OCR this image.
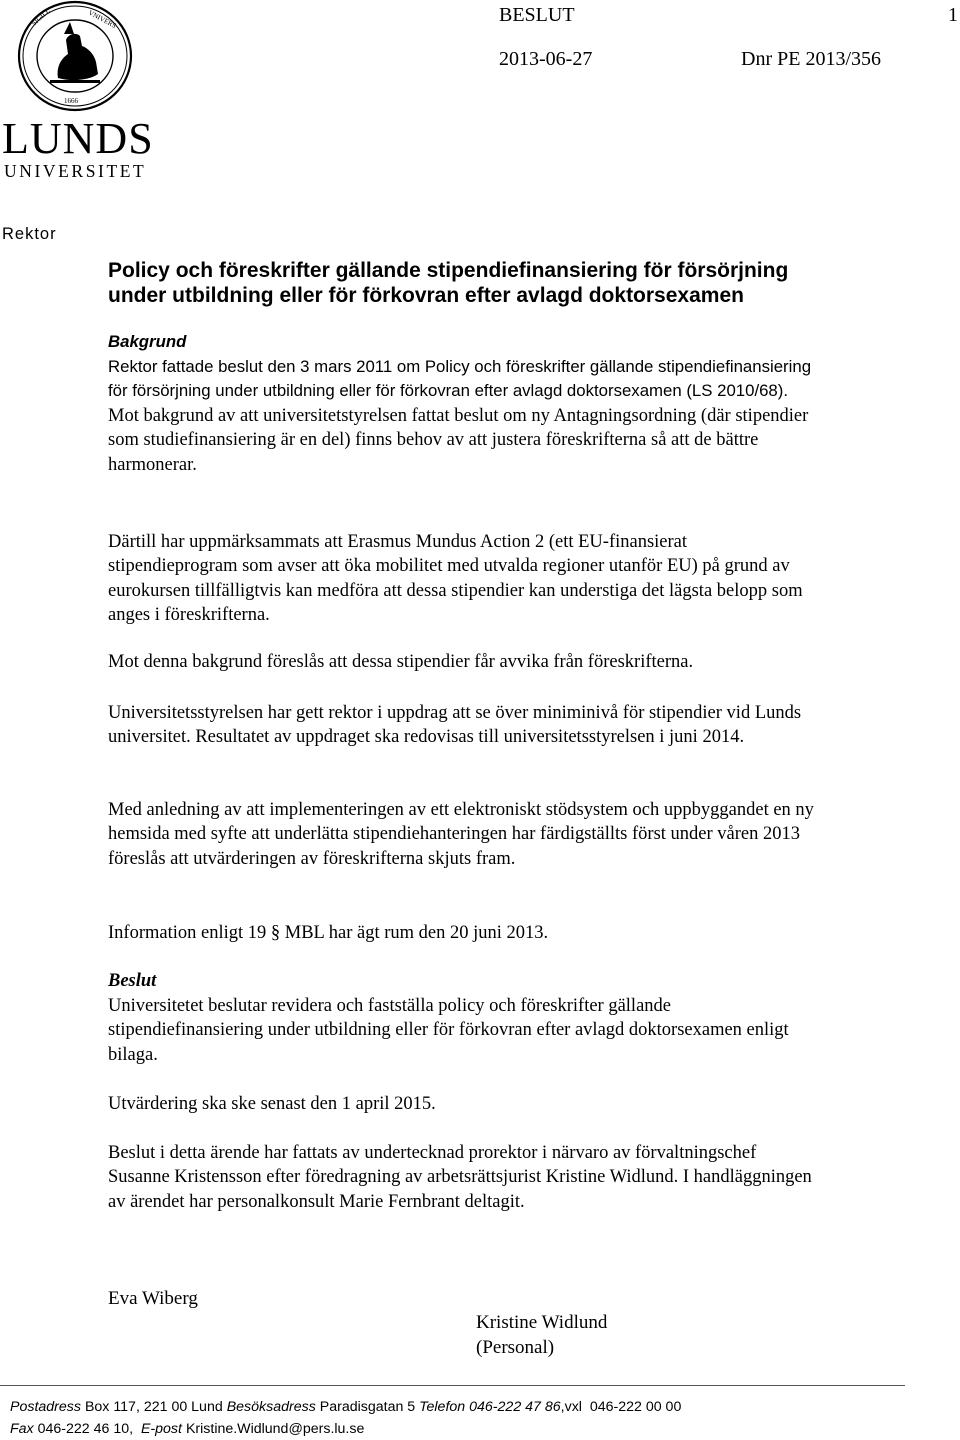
SIGILL	VNIVERS
1666
LUNDS
UNIVERSITET
BESLUT	1
2013-06-27	Dnr PE 2013/356
Rektor
Policy och föreskrifter gällande stipendiefinansiering för försörjning under utbildning eller för förkovran efter avlagd doktorsexamen
Bakgrund

Rektor fattade beslut den 3 mars 2011 om Policy och föreskrifter gällande stipendiefinansiering för försörjning under utbildning eller för förkovran efter avlagd doktorsexamen (LS 2010/68). Mot bakgrund av att universitetstyrelsen fattat beslut om ny Antagningsordning (där stipendier som studiefinansiering är en del) finns behov av att justera föreskrifterna så att de bättre harmonerar.

Därtill har uppmärksammats att Erasmus Mundus Action 2 (ett EU-finansierat stipendieprogram som avser att öka mobilitet med utvalda regioner utanför EU) på grund av eurokursen tillfälligtvis kan medföra att dessa stipendier kan understiga det lägsta belopp som anges i föreskrifterna.

Mot denna bakgrund föreslås att dessa stipendier får avvika från föreskrifterna.

Universitetsstyrelsen har gett rektor i uppdrag att se över miniminivå för stipendier vid Lunds universitet. Resultatet av uppdraget ska redovisas till universitetsstyrelsen i juni 2014.

Med anledning av att implementeringen av ett elektroniskt stödsystem och uppbyggandet en ny hemsida med syfte att underlätta stipendiehanteringen har färdigställts först under våren 2013 föreslås att utvärderingen av föreskrifterna skjuts fram.

Information enligt 19 § MBL har ägt rum den 20 juni 2013.

Beslut

Universitetet beslutar revidera och fastställa policy och föreskrifter gällande stipendiefinansiering under utbildning eller för förkovran efter avlagd doktorsexamen enligt bilaga.

Utvärdering ska ske senast den 1 april 2015.

Beslut i detta ärende har fattats av undertecknad prorektor i närvaro av förvaltningschef Susanne Kristensson efter föredragning av arbetsrättsjurist Kristine Widlund. I handläggningen av ärendet har personalkonsult Marie Fernbrant deltagit.

Eva Wiberg
Kristine Widlund
(Personal)
Postadress Box 117, 221 00 Lund Besöksadress Paradisgatan 5 Telefon 046-222 47 86,vxl  046-222 00 00
Fax 046-222 46 10, E-post Kristine.Widlund@pers.lu.se
